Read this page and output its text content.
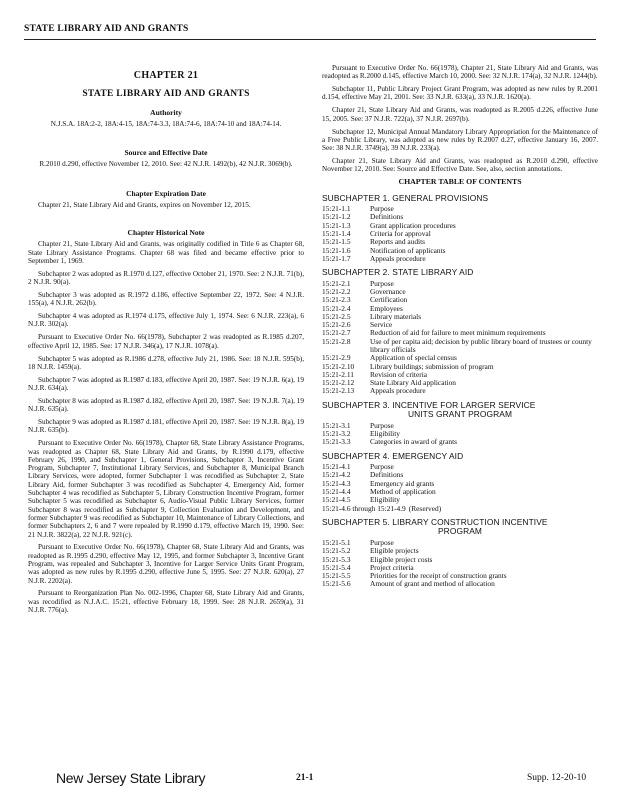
STATE LIBRARY AID AND GRANTS
CHAPTER 21
STATE LIBRARY AID AND GRANTS
Authority
N.J.S.A. 18A:2-2, 18A:4-15, 18A:74-3.3, 18A:74-6, 18A:74-10 and 18A:74-14.
Source and Effective Date
R.2010 d.290, effective November 12, 2010. See: 42 N.J.R. 1492(b), 42 N.J.R. 3069(b).
Chapter Expiration Date

Chapter 21, State Library Aid and Grants, expires on November 12, 2015.

Chapter Historical Note

Chapter 21, State Library Aid and Grants, was originally codified in Title 6 as Chapter 68, State Library Assistance Programs. Chapter 68 was filed and became effective prior to September 1, 1969.

Subchapter 2 was adopted as R.1970 d.127, effective October 21, 1970. See: 2 N.J.R. 71(b), 2 N.J.R. 90(a).

Subchapter 3 was adopted as R.1972 d.186, effective September 22, 1972. See: 4 N.J.R. 155(a), 4 N.J.R. 262(b).

Subchapter 4 was adopted as R.1974 d.175, effective July 1, 1974. See: 6 N.J.R. 223(a), 6 N.J.R. 302(a).

Pursuant to Executive Order No. 66(1978), Subchapter 2 was readopted as R.1985 d.207, effective April 12, 1985. See: 17 N.J.R. 346(a), 17 N.J.R. 1078(a).

Subchapter 5 was adopted as R.1986 d.278, effective July 21, 1986. See: 18 N.J.R. 595(b), 18 N.J.R. 1459(a).

Subchapter 7 was adopted as R.1987 d.183, effective April 20, 1987. See: 19 N.J.R. 6(a), 19 N.J.R. 634(a).

Subchapter 8 was adopted as R.1987 d.182, effective April 20, 1987. See: 19 N.J.R. 7(a), 19 N.J.R. 635(a).

Subchapter 9 was adopted as R.1987 d.181, effective April 20, 1987. See: 19 N.J.R. 8(a), 19 N.J.R. 635(b).

Pursuant to Executive Order No. 66(1978), Chapter 68, State Library Assistance Programs, was readopted as Chapter 68, State Library Aid and Grants, by R.1990 d.179, effective February 26, 1990, and Subchapter 1, General Provisions, Subchapter 3, Incentive Grant Program, Subchapter 7, Institutional Library Services, and Subchapter 8, Municipal Branch Library Services, were adopted, former Subchapter 1 was recodified as Subchapter 2, State Library Aid, former Subchapter 3 was recodified as Subchapter 4, Emergency Aid, former Subchapter 4 was recodified as Subchapter 5, Library Construction Incentive Program, former Subchapter 5 was recodified as Subchapter 6, Audio-Visual Public Library Services, former Subchapter 8 was recodified as Subchapter 9, Collection Evaluation and Development, and former Subchapter 9 was recodified as Subchapter 10, Maintenance of Library Collections, and former Subchapters 2, 6 and 7 were repealed by R.1990 d.179, effective March 19, 1990. See: 21 N.J.R. 3822(a), 22 N.J.R. 921(c).

Pursuant to Executive Order No. 66(1978), Chapter 68, State Library Aid and Grants, was readopted as R.1995 d.290, effective May 12, 1995, and former Subchapter 3, Incentive Grant Program, was repealed and Subchapter 3, Incentive for Larger Service Units Grant Program, was adopted as new rules by R.1995 d.290, effective June 5, 1995. See: 27 N.J.R. 620(a), 27 N.J.R. 2202(a).

Pursuant to Reorganization Plan No. 002-1996, Chapter 68, State Library Aid and Grants, was recodified as N.J.A.C. 15:21, effective February 18, 1999. See: 28 N.J.R. 2659(a), 31 N.J.R. 776(a).

Pursuant to Executive Order No. 66(1978), Chapter 21, State Library Aid and Grants, was readopted as R.2000 d.145, effective March 10, 2000. See: 32 N.J.R. 174(a), 32 N.J.R. 1244(b).

Subchapter 11, Public Library Project Grant Program, was adopted as new rules by R.2001 d.154, effective May 21, 2001. See: 33 N.J.R. 633(a), 33 N.J.R. 1620(a).

Chapter 21, State Library Aid and Grants, was readopted as R.2005 d.226, effective June 15, 2005. See: 37 N.J.R. 722(a), 37 N.J.R. 2697(b).

Subchapter 12, Municipal Annual Mandatory Library Appropriation for the Maintenance of a Free Public Library, was adopted as new rules by R.2007 d.27, effective January 16, 2007. See: 38 N.J.R. 3749(a), 39 N.J.R. 233(a).

Chapter 21, State Library Aid and Grants, was readopted as R.2010 d.290, effective November 12, 2010. See: Source and Effective Date. See, also, section annotations.

CHAPTER TABLE OF CONTENTS
SUBCHAPTER 1. GENERAL PROVISIONS
15:21-1.1	Purpose
15:21-1.2	Definitions
15:21-1.3	Grant application procedures
15:21-1.4	Criteria for approval
15:21-1.5	Reports and audits
15:21-1.6	Notification of applicants
15:21-1.7	Appeals procedure
SUBCHAPTER 2. STATE LIBRARY AID
15:21-2.1	Purpose
15:21-2.2	Governance
15:21-2.3	Certification
15:21-2.4	Employees
15:21-2.5	Library materials
15:21-2.6	Service
15:21-2.7	Reduction of aid for failure to meet minimum requirements
15:21-2.8	Use of per capita aid; decision by public library board of trustees or county library officials
15:21-2.9	Application of special census
15:21-2.10	Library buildings; submission of program
15:21-2.11	Revision of criteria
15:21-2.12	State Library Aid application
15:21-2.13	Appeals procedure
SUBCHAPTER 3. INCENTIVE FOR LARGER SERVICE
UNITS GRANT PROGRAM
15:21-3.1	Purpose
15:21-3.2	Eligibility
15:21-3.3	Categories in award of grants
SUBCHAPTER 4. EMERGENCY AID
15:21-4.1	Purpose
15:21-4.2	Definitions
15:21-4.3	Emergency aid grants
15:21-4.4	Method of application
15:21-4.5	Eligibility
15:21-4.6 through 15:21-4.9 (Reserved)
SUBCHAPTER 5. LIBRARY CONSTRUCTION INCENTIVE
PROGRAM
15:21-5.1	Purpose
15:21-5.2	Eligible projects
15:21-5.3	Eligible project costs
15:21-5.4	Project criteria
15:21-5.5	Priorities for the receipt of construction grants
15:21-5.6	Amount of grant and method of allocation
New Jersey State Library	21-1	Supp. 12-20-10
